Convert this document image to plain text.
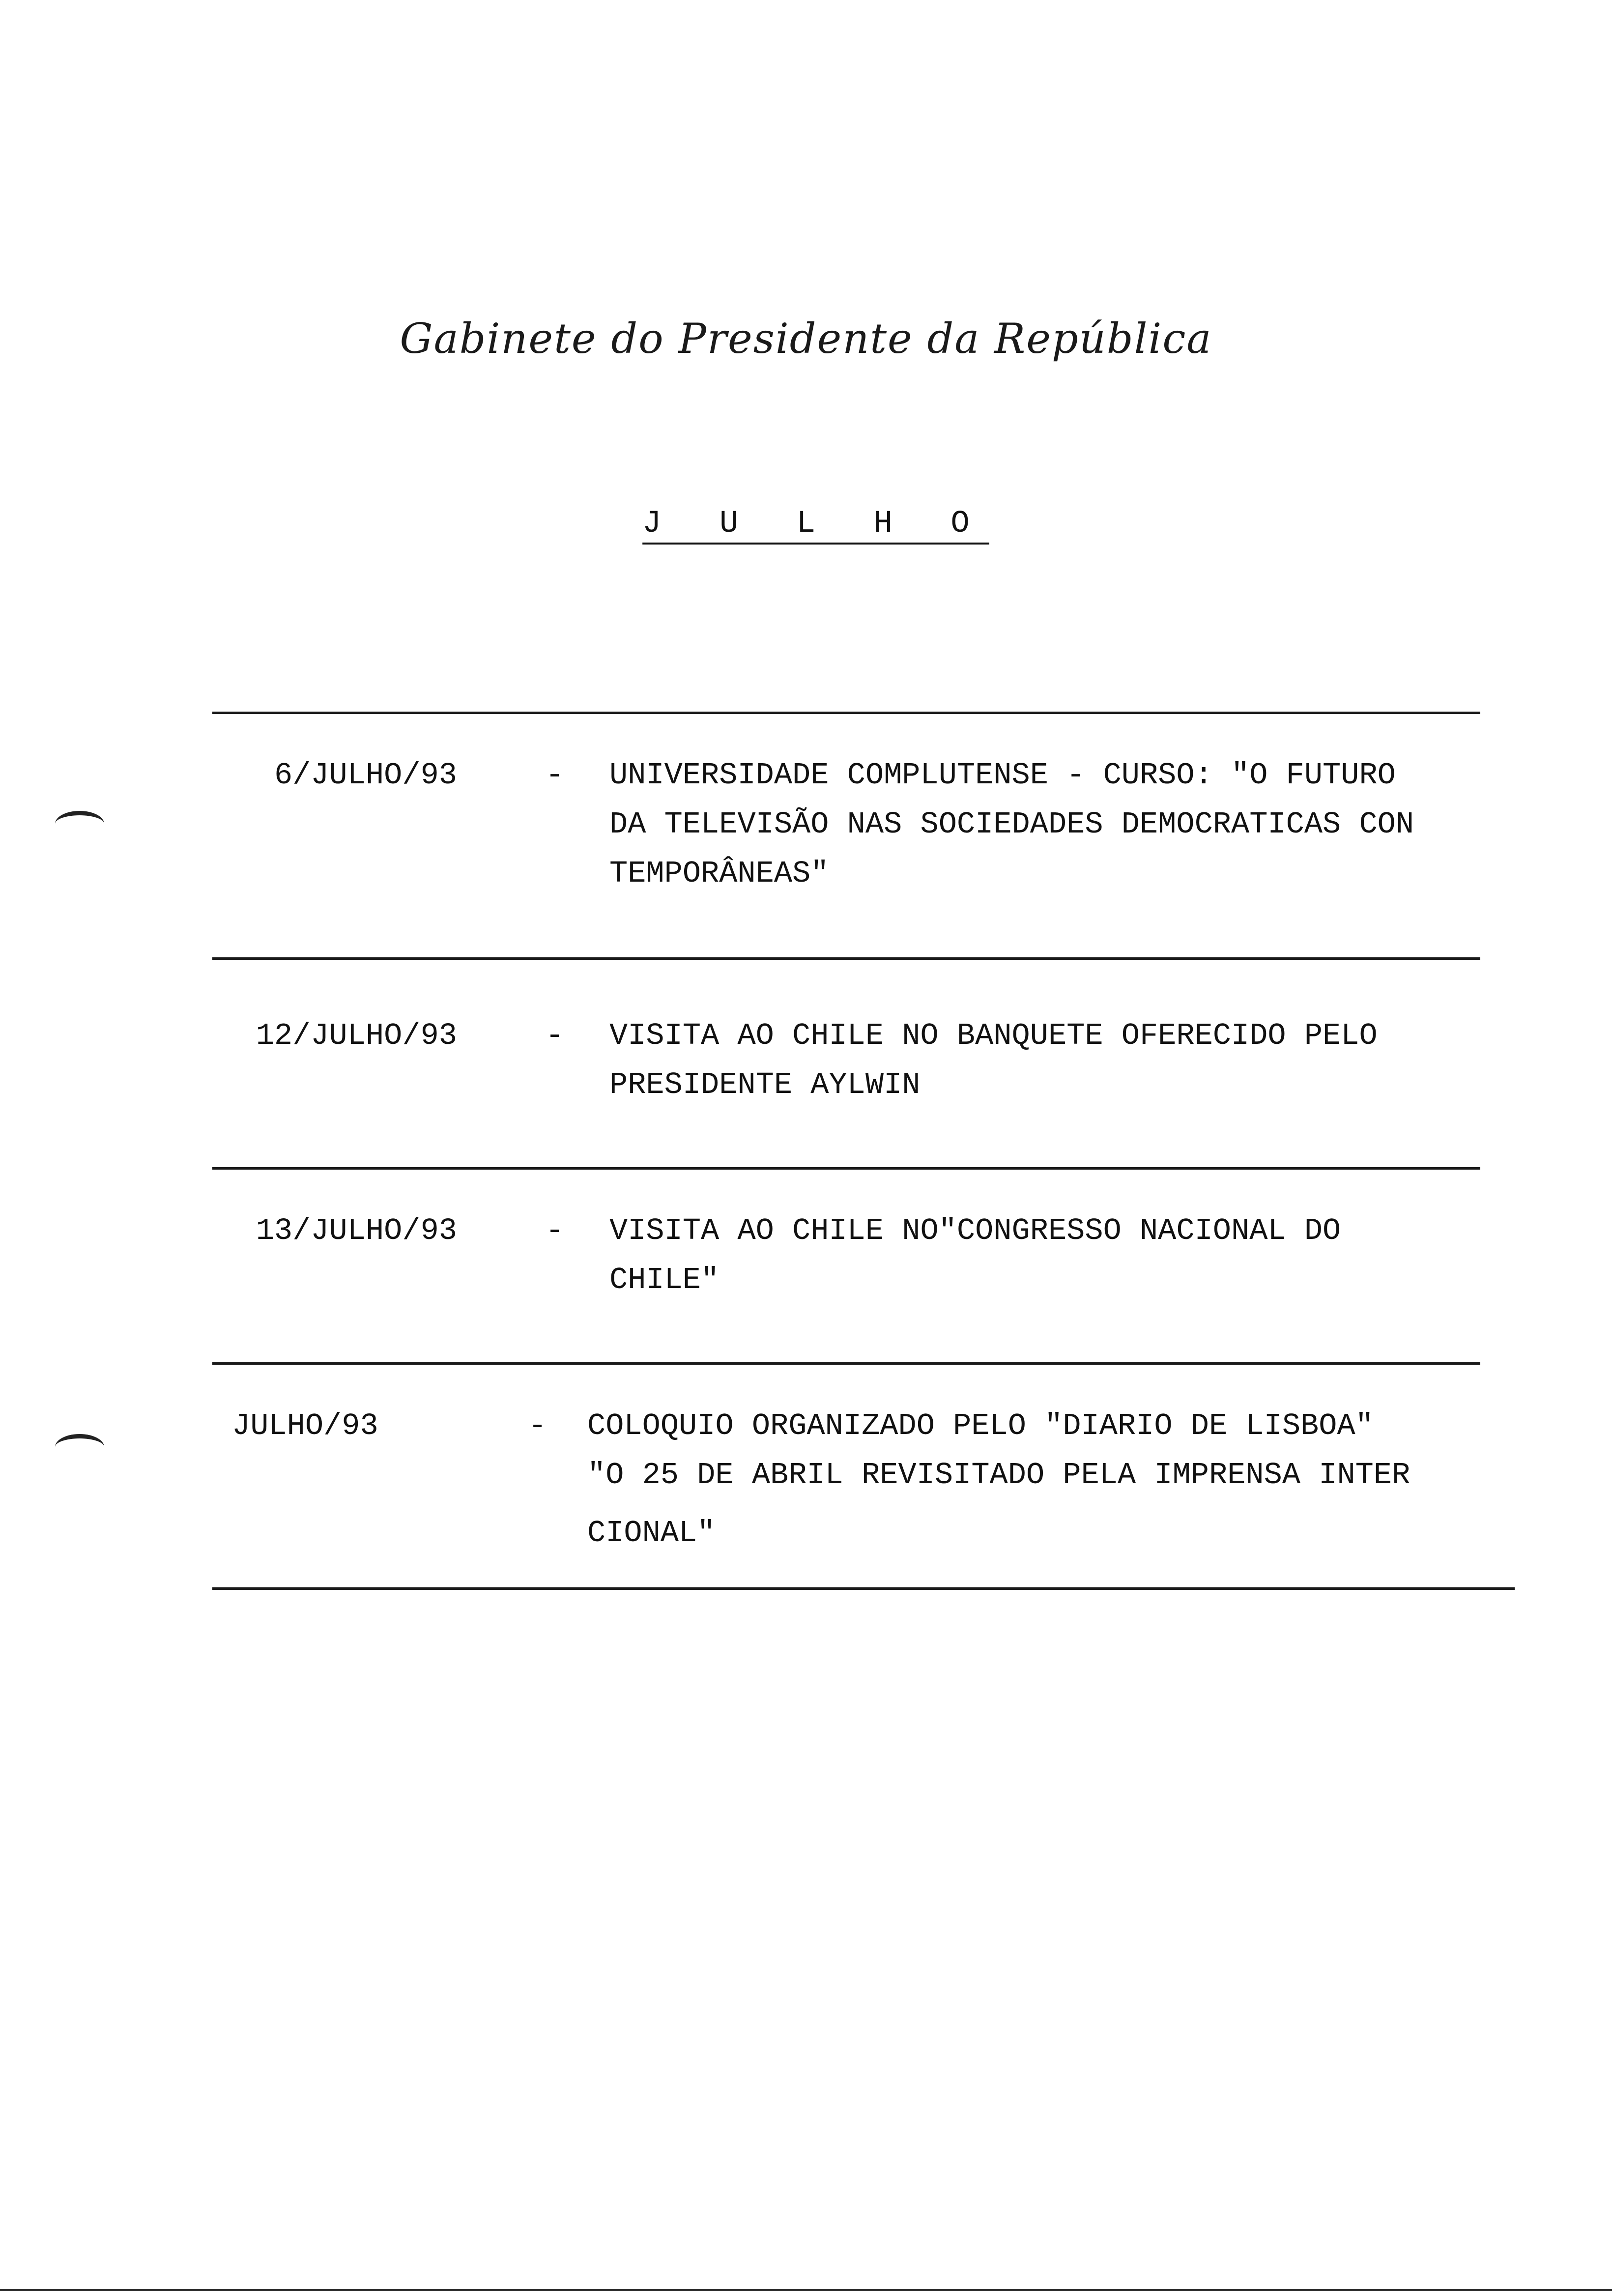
Gabinete do Presidente da República
J U L H O
6/JULHO/93	- UNIVERSIDADE COMPLUTENSE - CURSO: "O FUTURO
DA TELEVISÃO NAS SOCIEDADES DEMOCRATICAS CON
TEMPORÂNEAS"
12/JULHO/93	- VISITA AO CHILE NO BANQUETE OFERECIDO PELO
PRESIDENTE AYLWIN
13/JULHO/93	- VISITA AO CHILE NO"CONGRESSO NACIONAL DO
CHILE"
JULHO/93	- COLOQUIO ORGANIZADO PELO "DIARIO DE LISBOA"
"O 25 DE ABRIL REVISITADO PELA IMPRENSA INTER
CIONAL"
